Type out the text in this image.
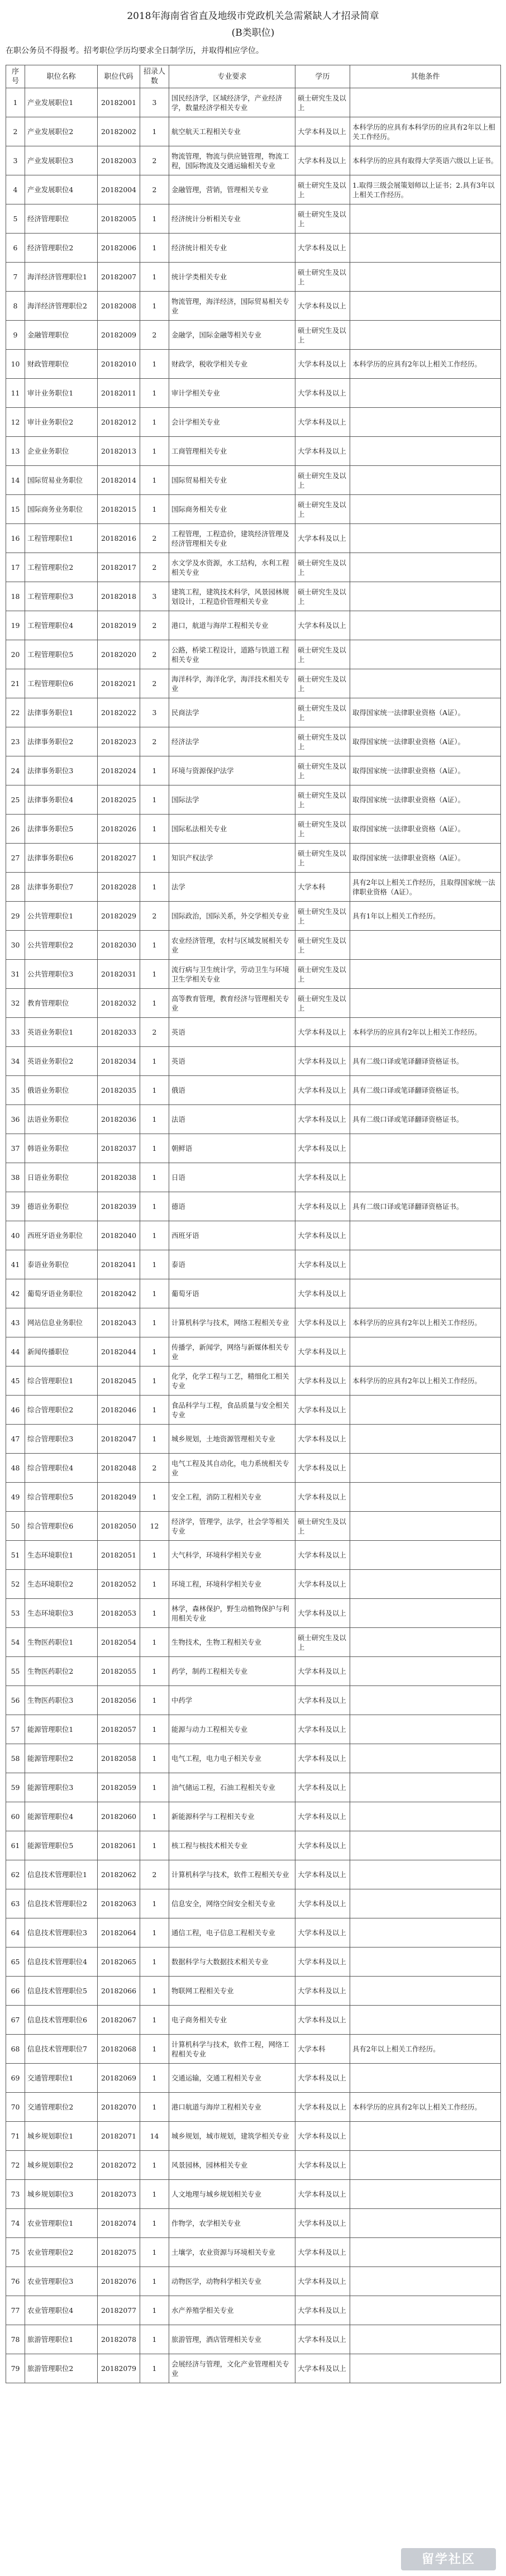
2018年海南省省直及地级市党政机关急需紧缺人才招录简章
(B类职位)
在职公务员不得报考。招考职位学历均要求全日制学历，并取得相应学位。
序号	职位名称	职位代码	招录人数	专业要求	学历	其他条件
1	产业发展职位1	20182001	3	国民经济学，区域经济学，产业经济学，数量经济学相关专业	硕士研究生及以上	
2	产业发展职位2	20182002	1	航空航天工程相关专业	大学本科及以上	本科学历的应具有本科学历的应具有2年以上相关工作经历。
3	产业发展职位3	20182003	2	物流管理，物流与供应链管理，物流工程，国际物流及交通运输相关专业	大学本科及以上	本科学历的应具有取得大学英语六级以上证书。
4	产业发展职位4	20182004	2	金融管理，营销，管理相关专业	硕士研究生及以上	1.取得三级会展策划师以上证书；2.具有3年以上相关工作经历。
5	经济管理职位	20182005	1	经济统计分析相关专业	硕士研究生及以上	
6	经济管理职位2	20182006	1	经济统计相关专业	大学本科及以上	
7	海洋经济管理职位1	20182007	1	统计学类相关专业	硕士研究生及以上	
8	海洋经济管理职位2	20182008	1	物流管理，海洋经济，国际贸易相关专业	大学本科及以上	
9	金融管理职位	20182009	2	金融学，国际金融等相关专业	硕士研究生及以上	
10	财政管理职位	20182010	1	财政学，税收学相关专业	大学本科及以上	本科学历的应具有2年以上相关工作经历。
11	审计业务职位1	20182011	1	审计学相关专业	大学本科及以上	
12	审计业务职位2	20182012	1	会计学相关专业	大学本科及以上	
13	企业业务职位	20182013	1	工商管理相关专业	大学本科及以上	
14	国际贸易业务职位	20182014	1	国际贸易相关专业	硕士研究生及以上	
15	国际商务业务职位	20182015	1	国际商务相关专业	硕士研究生及以上	
16	工程管理职位1	20182016	2	工程管理，工程造价，建筑经济管理及经济管理相关专业	大学本科及以上	
17	工程管理职位2	20182017	2	水文学及水资源，水工结构，水利工程相关专业	硕士研究生及以上	
18	工程管理职位3	20182018	3	建筑工程，建筑技术科学，风景园林规划设计，工程造价管理相关专业	硕士研究生及以上	
19	工程管理职位4	20182019	2	港口，航道与海岸工程相关专业	大学本科及以上	
20	工程管理职位5	20182020	2	公路，桥梁工程设计，道路与铁道工程相关专业	硕士研究生及以上	
21	工程管理职位6	20182021	2	海洋科学，海洋化学，海洋技术相关专业	硕士研究生及以上	
22	法律事务职位1	20182022	3	民商法学	硕士研究生及以上	取得国家统一法律职业资格（A证）。
23	法律事务职位2	20182023	2	经济法学	硕士研究生及以上	取得国家统一法律职业资格（A证）。
24	法律事务职位3	20182024	1	环境与资源保护法学	硕士研究生及以上	取得国家统一法律职业资格（A证）。
25	法律事务职位4	20182025	1	国际法学	硕士研究生及以上	取得国家统一法律职业资格（A证）。
26	法律事务职位5	20182026	1	国际私法相关专业	硕士研究生及以上	取得国家统一法律职业资格（A证）。
27	法律事务职位6	20182027	1	知识产权法学	硕士研究生及以上	取得国家统一法律职业资格（A证）。
28	法律事务职位7	20182028	1	法学	大学本科	具有2年以上相关工作经历，且取得国家统一法律职业资格（A证）。
29	公共管理职位1	20182029	2	国际政治，国际关系，外交学相关专业	硕士研究生及以上	具有1年以上相关工作经历。
30	公共管理职位2	20182030	1	农业经济管理，农村与区域发展相关专业	硕士研究生及以上	
31	公共管理职位3	20182031	1	流行病与卫生统计学，劳动卫生与环境卫生学相关专业	硕士研究生及以上	
32	教育管理职位	20182032	1	高等教育管理，教育经济与管理相关专业	硕士研究生及以上	
33	英语业务职位1	20182033	2	英语	大学本科及以上	本科学历的应具有2年以上相关工作经历。
34	英语业务职位2	20182034	1	英语	大学本科及以上	具有二级口译或笔译翻译资格证书。
35	俄语业务职位	20182035	1	俄语	大学本科及以上	具有二级口译或笔译翻译资格证书。
36	法语业务职位	20182036	1	法语	大学本科及以上	具有二级口译或笔译翻译资格证书。
37	韩语业务职位	20182037	1	朝鲜语	大学本科及以上	
38	日语业务职位	20182038	1	日语	大学本科及以上	
39	德语业务职位	20182039	1	德语	大学本科及以上	具有二级口译或笔译翻译资格证书。
40	西班牙语业务职位	20182040	1	西班牙语	大学本科及以上	
41	泰语业务职位	20182041	1	泰语	大学本科及以上	
42	葡萄牙语业务职位	20182042	1	葡萄牙语	大学本科及以上	
43	网站信息业务职位	20182043	1	计算机科学与技术，网络工程相关专业	大学本科及以上	本科学历的应具有2年以上相关工作经历。
44	新闻传播职位	20182044	1	传播学，新闻学，网络与新媒体相关专业	大学本科及以上	
45	综合管理职位1	20182045	1	化学，化学工程与工艺，精细化工相关专业	大学本科及以上	本科学历的应具有2年以上相关工作经历。
46	综合管理职位2	20182046	1	食品科学与工程，食品质量与安全相关专业	大学本科及以上	
47	综合管理职位3	20182047	1	城乡规划，土地资源管理相关专业	大学本科及以上	
48	综合管理职位4	20182048	2	电气工程及其自动化，电力系统相关专业	大学本科及以上	
49	综合管理职位5	20182049	1	安全工程，消防工程相关专业	大学本科及以上	
50	综合管理职位6	20182050	12	经济学，管理学，法学，社会学等相关专业	硕士研究生及以上	
51	生态环境职位1	20182051	1	大气科学，环境科学相关专业	大学本科及以上	
52	生态环境职位2	20182052	1	环境工程，环境科学相关专业	大学本科及以上	
53	生态环境职位3	20182053	1	林学，森林保护，野生动植物保护与利用相关专业	大学本科及以上	
54	生物医药职位1	20182054	1	生物技术，生物工程相关专业	硕士研究生及以上	
55	生物医药职位2	20182055	1	药学，制药工程相关专业	大学本科及以上	
56	生物医药职位3	20182056	1	中药学	大学本科及以上	
57	能源管理职位1	20182057	1	能源与动力工程相关专业	大学本科及以上	
58	能源管理职位2	20182058	1	电气工程，电力电子相关专业	大学本科及以上	
59	能源管理职位3	20182059	1	油气储运工程，石油工程相关专业	大学本科及以上	
60	能源管理职位4	20182060	1	新能源科学与工程相关专业	大学本科及以上	
61	能源管理职位5	20182061	1	核工程与核技术相关专业	大学本科及以上	
62	信息技术管理职位1	20182062	2	计算机科学与技术，软件工程相关专业	大学本科及以上	
63	信息技术管理职位2	20182063	1	信息安全，网络空间安全相关专业	大学本科及以上	
64	信息技术管理职位3	20182064	1	通信工程，电子信息工程相关专业	大学本科及以上	
65	信息技术管理职位4	20182065	1	数据科学与大数据技术相关专业	大学本科及以上	
66	信息技术管理职位5	20182066	1	物联网工程相关专业	大学本科及以上	
67	信息技术管理职位6	20182067	1	电子商务相关专业	大学本科及以上	
68	信息技术管理职位7	20182068	1	计算机科学与技术，软件工程，网络工程相关专业	大学本科	具有2年以上相关工作经历。
69	交通管理职位1	20182069	1	交通运输，交通工程相关专业	大学本科及以上	
70	交通管理职位2	20182070	1	港口航道与海岸工程相关专业	大学本科及以上	本科学历的应具有2年以上相关工作经历。
71	城乡规划职位1	20182071	14	城乡规划，城市规划，建筑学相关专业	大学本科及以上	
72	城乡规划职位2	20182072	1	风景园林，园林相关专业	大学本科及以上	
73	城乡规划职位3	20182073	1	人文地理与城乡规划相关专业	大学本科及以上	
74	农业管理职位1	20182074	1	作物学，农学相关专业	大学本科及以上	
75	农业管理职位2	20182075	1	土壤学，农业资源与环境相关专业	大学本科及以上	
76	农业管理职位3	20182076	1	动物医学，动物科学相关专业	大学本科及以上	
77	农业管理职位4	20182077	1	水产养殖学相关专业	大学本科及以上	
78	旅游管理职位1	20182078	1	旅游管理，酒店管理相关专业	大学本科及以上	
79	旅游管理职位2	20182079	1	会展经济与管理，文化产业管理相关专业	大学本科及以上	
留学社区
